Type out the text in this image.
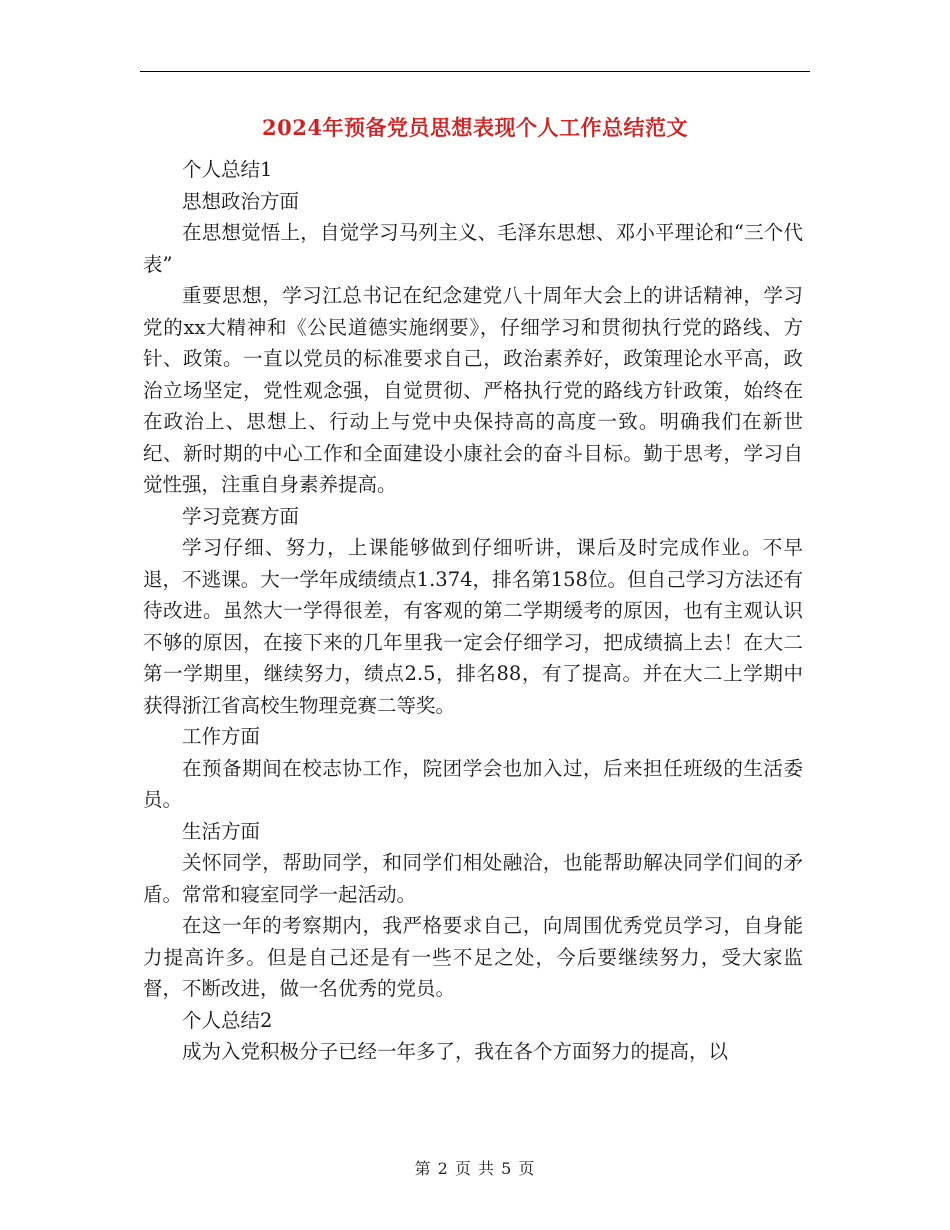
2024年预备党员思想表现个人工作总结范文

个人总结1

思想政治方面

在思想觉悟上，自觉学习马列主义、毛泽东思想、邓小平理论和“三个代表”

重要思想，学习江总书记在纪念建党八十周年大会上的讲话精神，学习党的xx大精神和《公民道德实施纲要》，仔细学习和贯彻执行党的路线、方针、政策。一直以党员的标准要求自己，政治素养好，政策理论水平高，政治立场坚定，党性观念强，自觉贯彻、严格执行党的路线方针政策，始终在在政治上、思想上、行动上与党中央保持高的高度一致。明确我们在新世纪、新时期的中心工作和全面建设小康社会的奋斗目标。勤于思考，学习自觉性强，注重自身素养提高。

学习竞赛方面

学习仔细、努力，上课能够做到仔细听讲，课后及时完成作业。不早退，不逃课。大一学年成绩绩点1.374，排名第158位。但自己学习方法还有待改进。虽然大一学得很差，有客观的第二学期缓考的原因，也有主观认识不够的原因，在接下来的几年里我一定会仔细学习，把成绩搞上去！在大二第一学期里，继续努力，绩点2.5，排名88，有了提高。并在大二上学期中获得浙江省高校生物理竞赛二等奖。

工作方面

在预备期间在校志协工作，院团学会也加入过，后来担任班级的生活委员。

生活方面

关怀同学，帮助同学，和同学们相处融洽，也能帮助解决同学们间的矛盾。常常和寝室同学一起活动。

在这一年的考察期内，我严格要求自己，向周围优秀党员学习，自身能力提高许多。但是自己还是有一些不足之处，今后要继续努力，受大家监督，不断改进，做一名优秀的党员。

个人总结2

成为入党积极分子已经一年多了，我在各个方面努力的提高，以

第 2 页 共 5 页
